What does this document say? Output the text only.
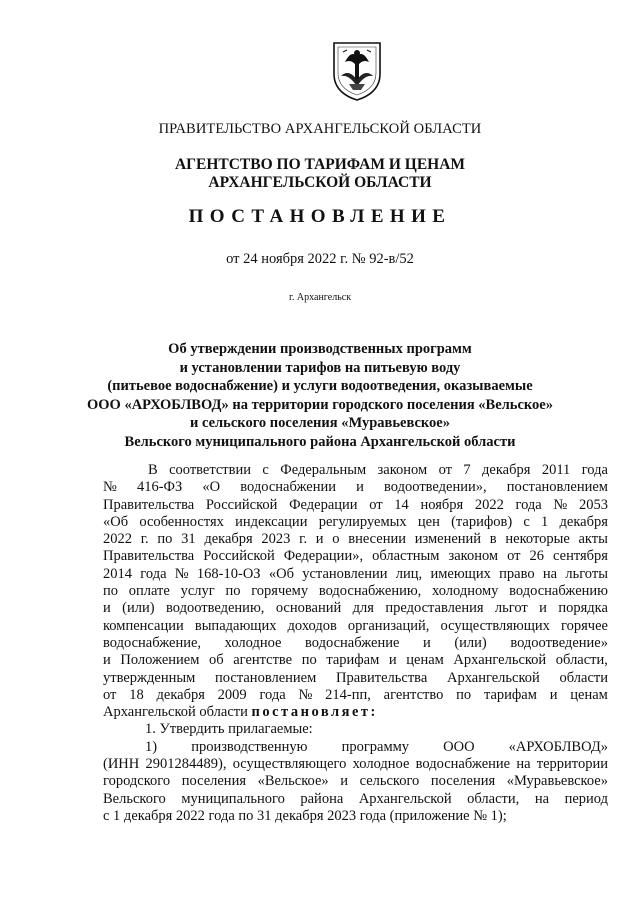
ПРАВИТЕЛЬСТВО АРХАНГЕЛЬСКОЙ ОБЛАСТИ
АГЕНТСТВО ПО ТАРИФАМ И ЦЕНАМ
АРХАНГЕЛЬСКОЙ ОБЛАСТИ
ПОСТАНОВЛЕНИЕ
от 24 ноября 2022 г. № 92-в/52
г. Архангельск
Об утверждении производственных программ
и установлении тарифов на питьевую воду
(питьевое водоснабжение) и услуги водоотведения, оказываемые
ООО «АРХОБЛВОД» на территории городского поселения «Вельское»
и сельского поселения «Муравьевское»
Вельского муниципального района Архангельской области
В соответствии с Федеральным законом от 7 декабря 2011 года
№ 416-ФЗ «О водоснабжении и водоотведении», постановлением
Правительства Российской Федерации от 14 ноября 2022 года № 2053
«Об особенностях индексации регулируемых цен (тарифов) с 1 декабря
2022 г. по 31 декабря 2023 г. и о внесении изменений в некоторые акты
Правительства Российской Федерации», областным законом от 26 сентября
2014 года № 168-10-ОЗ «Об установлении лиц, имеющих право на льготы
по оплате услуг по горячему водоснабжению, холодному водоснабжению
и (или) водоотведению, оснований для предоставления льгот и порядка
компенсации выпадающих доходов организаций, осуществляющих горячее
водоснабжение, холодное водоснабжение и (или) водоотведение»
и Положением об агентстве по тарифам и ценам Архангельской области,
утвержденным постановлением Правительства Архангельской области
от 18 декабря 2009 года № 214-пп, агентство по тарифам и ценам
Архангельской области постановляет:
1. Утвердить прилагаемые:
1) производственную программу ООО «АРХОБЛВОД»
(ИНН 2901284489), осуществляющего холодное водоснабжение на территории
городского поселения «Вельское» и сельского поселения «Муравьевское»
Вельского муниципального района Архангельской области, на период
с 1 декабря 2022 года по 31 декабря 2023 года (приложение № 1);
